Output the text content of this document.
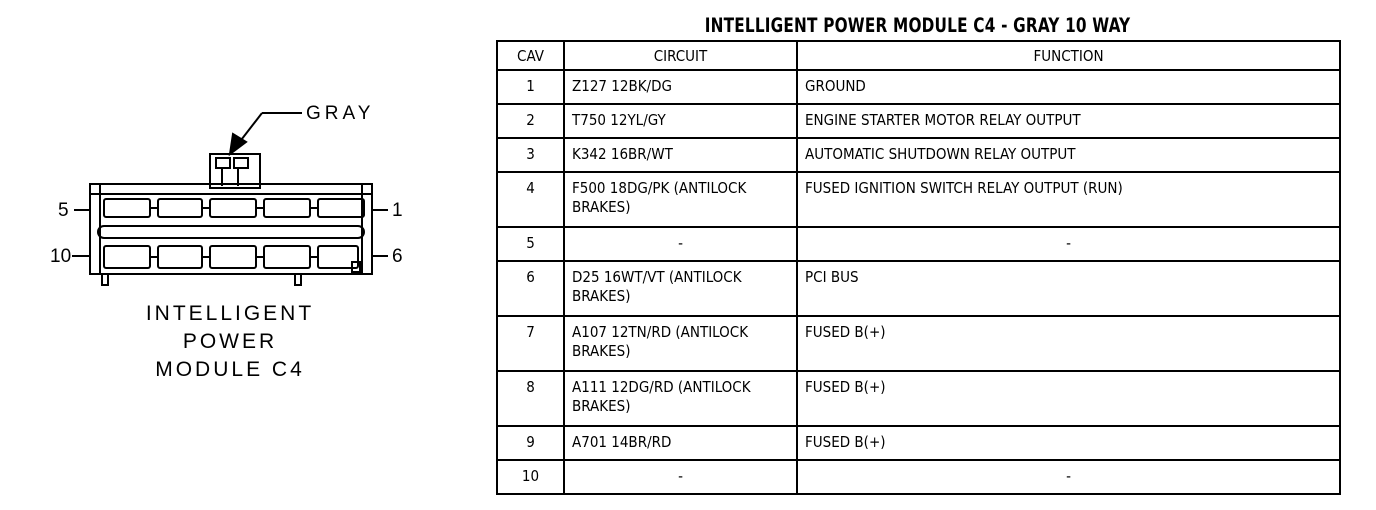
GRAY
5	1
10	6
INTELLIGENT
POWER
MODULE C4
INTELLIGENT POWER MODULE C4 - GRAY 10 WAY
CAV	CIRCUIT	FUNCTION
1	Z127 12BK/DG	GROUND
2	T750 12YL/GY	ENGINE STARTER MOTOR RELAY OUTPUT
3	K342 16BR/WT	AUTOMATIC SHUTDOWN RELAY OUTPUT
4	F500 18DG/PK (ANTILOCK BRAKES)	FUSED IGNITION SWITCH RELAY OUTPUT (RUN)
5	-	-
6	D25 16WT/VT (ANTILOCK BRAKES)	PCI BUS
7	A107 12TN/RD (ANTILOCK BRAKES)	FUSED B(+)
8	A111 12DG/RD (ANTILOCK BRAKES)	FUSED B(+)
9	A701 14BR/RD	FUSED B(+)
10	-	-
